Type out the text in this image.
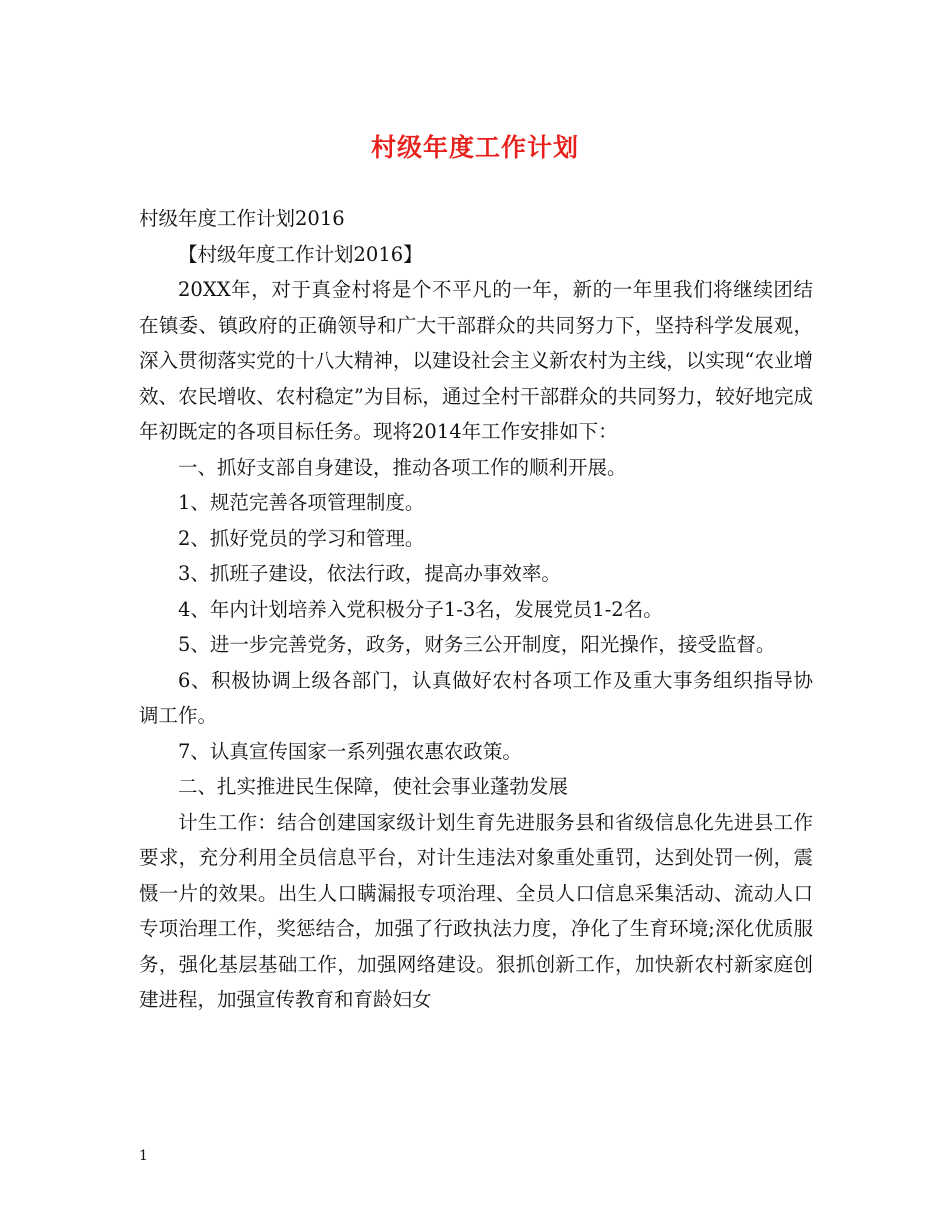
村级年度工作计划

村级年度工作计划2016

【村级年度工作计划2016】

20XX年，对于真金村将是个不平凡的一年，新的一年里我们将继续团结在镇委、镇政府的正确领导和广大干部群众的共同努力下，坚持科学发展观，深入贯彻落实党的十八大精神，以建设社会主义新农村为主线，以实现“农业增效、农民增收、农村稳定”为目标，通过全村干部群众的共同努力，较好地完成年初既定的各项目标任务。现将2014年工作安排如下：

一、抓好支部自身建设，推动各项工作的顺利开展。

1、规范完善各项管理制度。

2、抓好党员的学习和管理。

3、抓班子建设，依法行政，提高办事效率。

4、年内计划培养入党积极分子1-3名，发展党员1-2名。

5、进一步完善党务，政务，财务三公开制度，阳光操作，接受监督。

6、积极协调上级各部门，认真做好农村各项工作及重大事务组织指导协调工作。

7、认真宣传国家一系列强农惠农政策。

二、扎实推进民生保障，使社会事业蓬勃发展

计生工作：结合创建国家级计划生育先进服务县和省级信息化先进县工作要求，充分利用全员信息平台，对计生违法对象重处重罚，达到处罚一例，震慑一片的效果。出生人口瞒漏报专项治理、全员人口信息采集活动、流动人口专项治理工作，奖惩结合，加强了行政执法力度，净化了生育环境;深化优质服务，强化基层基础工作，加强网络建设。狠抓创新工作，加快新农村新家庭创建进程，加强宣传教育和育龄妇女

1
